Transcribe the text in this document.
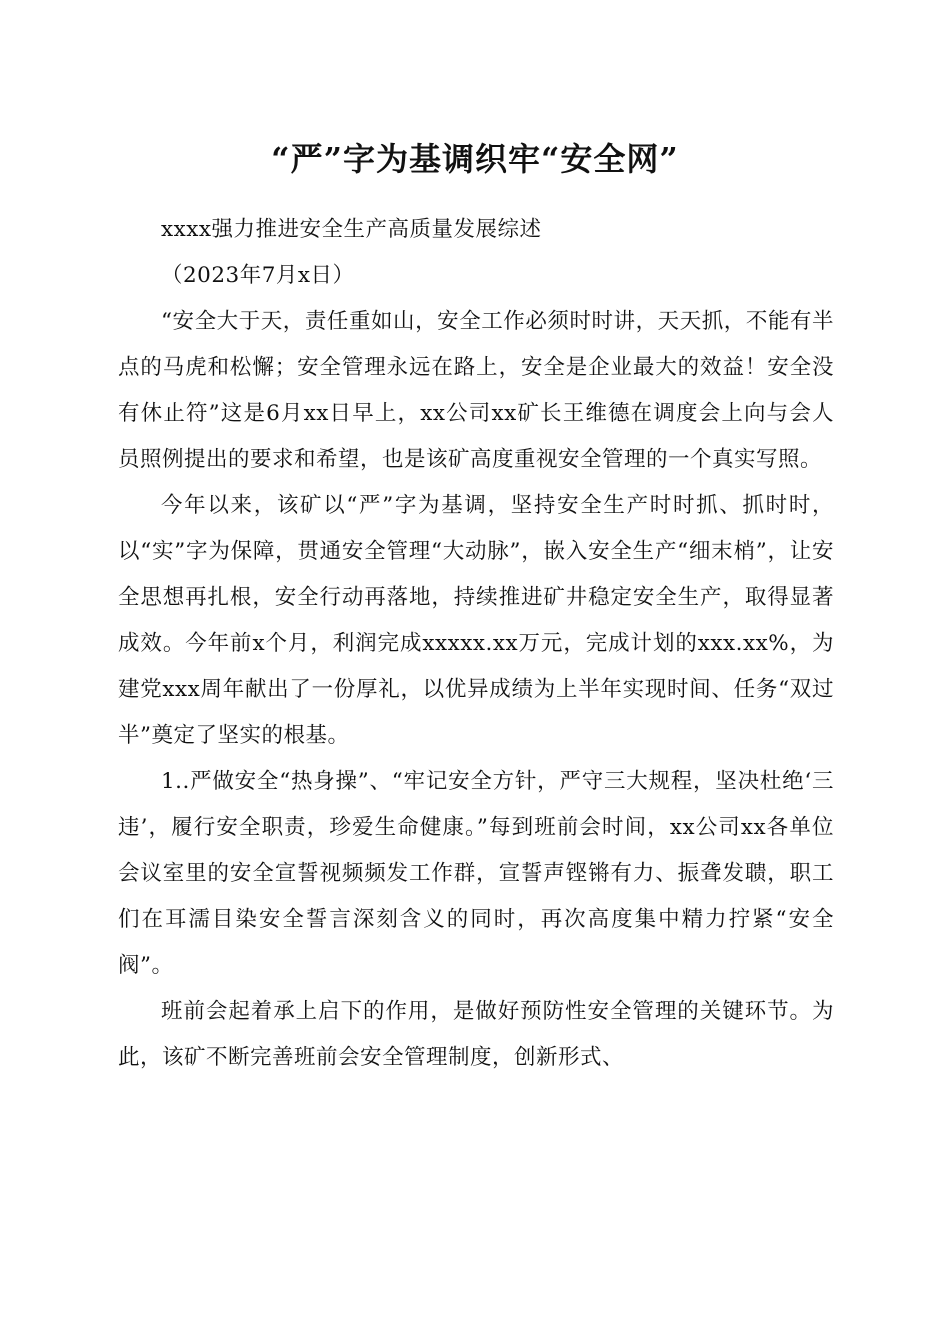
“严”字为基调织牢“安全网”

xxxx强力推进安全生产高质量发展综述

（2023年7月x日）

“安全大于天，责任重如山，安全工作必须时时讲，天天抓，不能有半点的马虎和松懈；安全管理永远在路上，安全是企业最大的效益！安全没有休止符”这是6月xx日早上，xx公司xx矿长王维德在调度会上向与会人员照例提出的要求和希望，也是该矿高度重视安全管理的一个真实写照。

今年以来，该矿以“严”字为基调，坚持安全生产时时抓、抓时时，以“实”字为保障，贯通安全管理“大动脉”，嵌入安全生产“细末梢”，让安全思想再扎根，安全行动再落地，持续推进矿井稳定安全生产，取得显著成效。今年前x个月，利润完成xxxxx.xx万元，完成计划的xxx.xx%，为建党xxx周年献出了一份厚礼，以优异成绩为上半年实现时间、任务“双过半”奠定了坚实的根基。

1..严做安全“热身操”、“牢记安全方针，严守三大规程，坚决杜绝‘三违’，履行安全职责，珍爱生命健康。”每到班前会时间，xx公司xx各单位会议室里的安全宣誓视频频发工作群，宣誓声铿锵有力、振聋发聩，职工们在耳濡目染安全誓言深刻含义的同时，再次高度集中精力拧紧“安全阀”。

班前会起着承上启下的作用，是做好预防性安全管理的关键环节。为此，该矿不断完善班前会安全管理制度，创新形式、
